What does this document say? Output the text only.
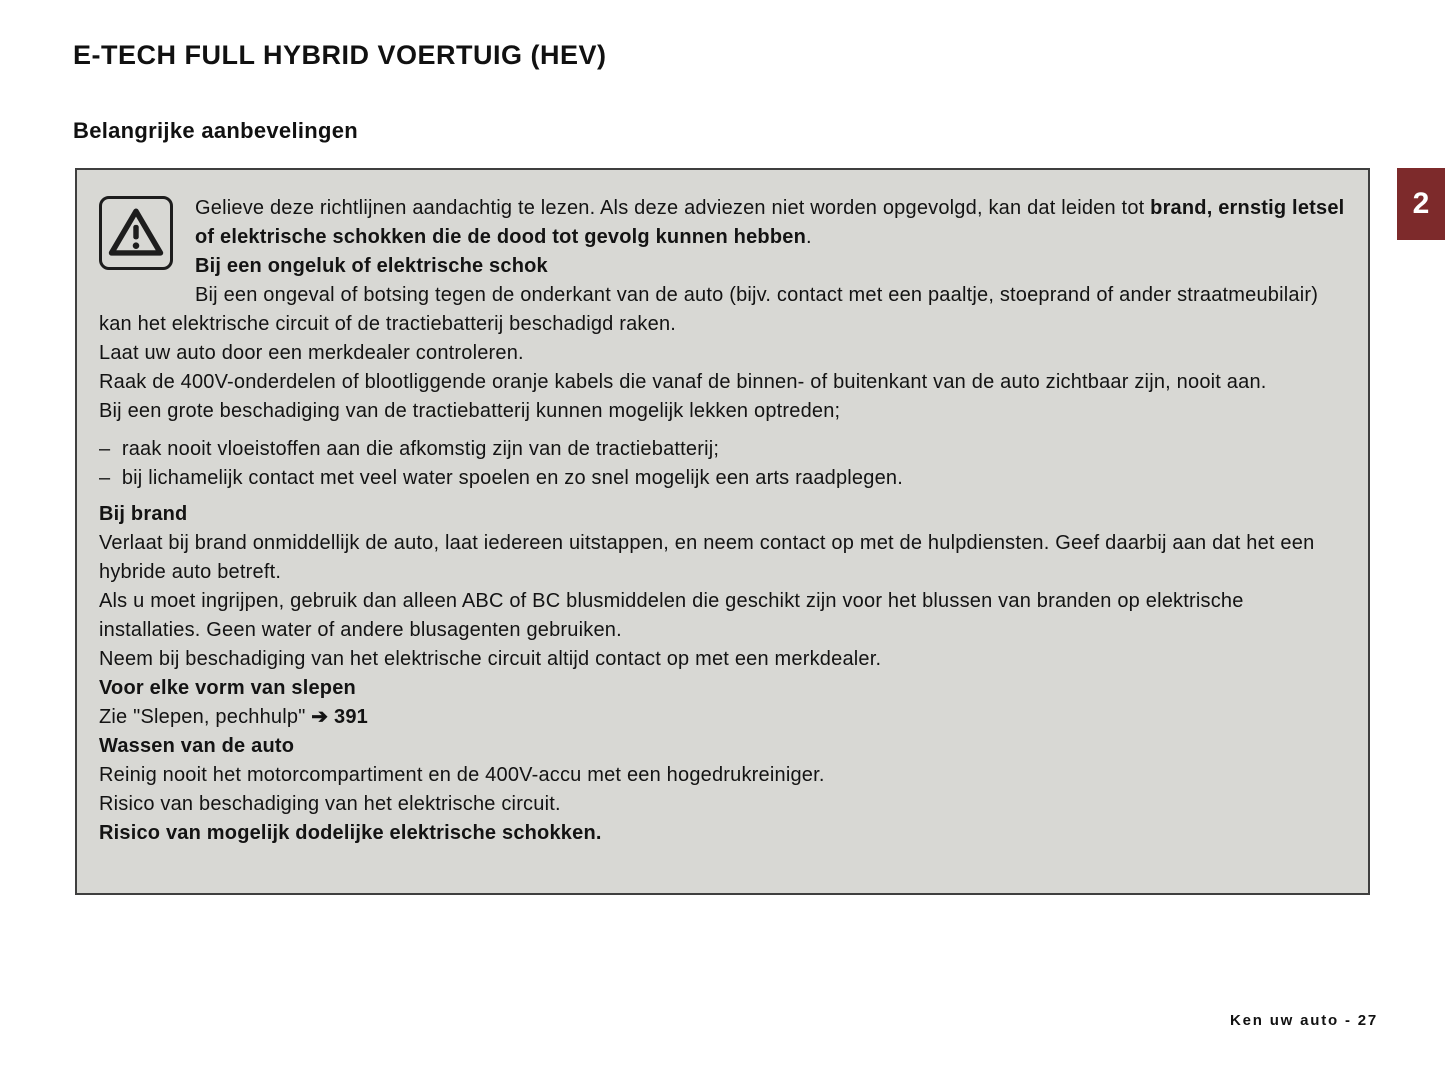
E-TECH FULL HYBRID VOERTUIG (HEV)
Belangrijke aanbevelingen
2
Gelieve deze richtlijnen aandachtig te lezen. Als deze adviezen niet worden opgevolgd, kan dat leiden tot brand, ernstig letsel of elektrische schokken die de dood tot gevolg kunnen hebben.
Bij een ongeluk of elektrische schok
Bij een ongeval of botsing tegen de onderkant van de auto (bijv. contact met een paaltje, stoeprand of ander straatmeubilair) kan het elektrische circuit of de tractiebatterij beschadigd raken.
Laat uw auto door een merkdealer controleren.
Raak de 400V-onderdelen of blootliggende oranje kabels die vanaf de binnen- of buitenkant van de auto zichtbaar zijn, nooit aan.
Bij een grote beschadiging van de tractiebatterij kunnen mogelijk lekken optreden;
–  raak nooit vloeistoffen aan die afkomstig zijn van de tractiebatterij;
–  bij lichamelijk contact met veel water spoelen en zo snel mogelijk een arts raadplegen.
Bij brand
Verlaat bij brand onmiddellijk de auto, laat iedereen uitstappen, en neem contact op met de hulpdiensten. Geef daarbij aan dat het een hybride auto betreft.
Als u moet ingrijpen, gebruik dan alleen ABC of BC blusmiddelen die geschikt zijn voor het blussen van branden op elektrische installaties. Geen water of andere blusagenten gebruiken.
Neem bij beschadiging van het elektrische circuit altijd contact op met een merkdealer.
Voor elke vorm van slepen
Zie "Slepen, pechhulp" ➔ 391
Wassen van de auto
Reinig nooit het motorcompartiment en de 400V-accu met een hogedrukreiniger.
Risico van beschadiging van het elektrische circuit.
Risico van mogelijk dodelijke elektrische schokken.
Ken uw auto - 27
